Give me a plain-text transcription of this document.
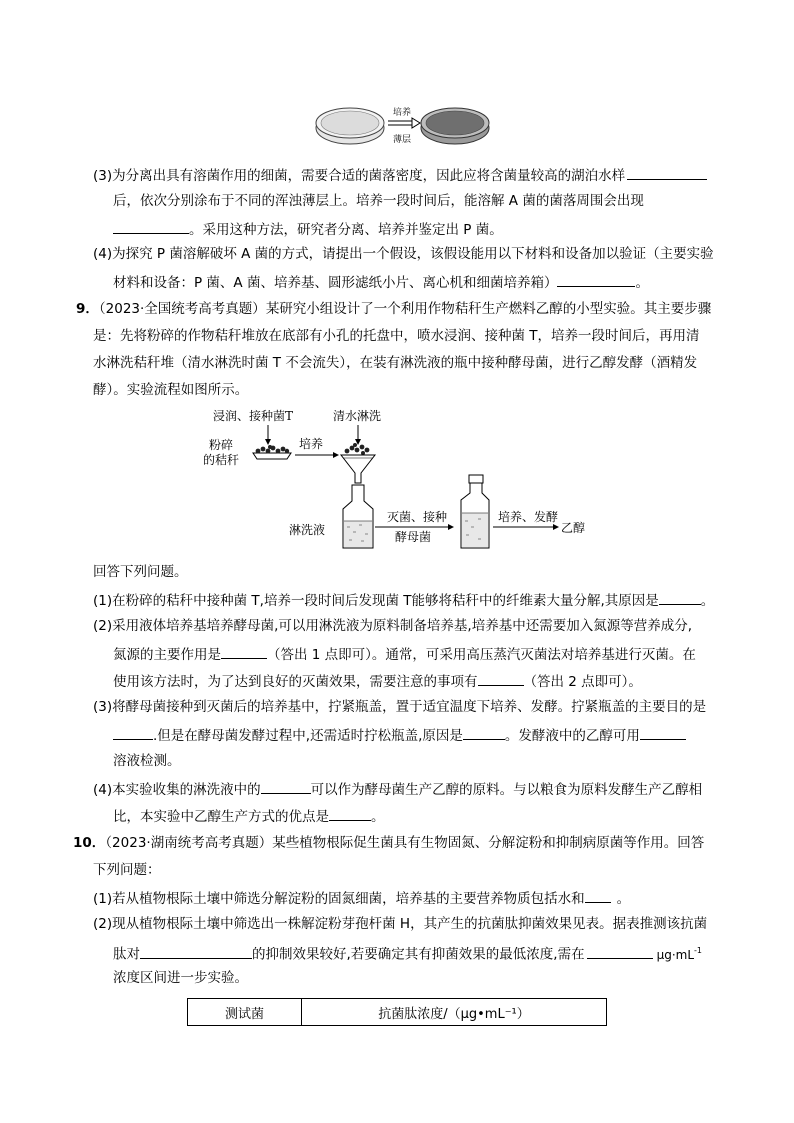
培养
薄层
(3)为分离出具有溶菌作用的细菌，需要合适的菌落密度，因此应将含菌量较高的湖泊水样
后，依次分别涂布于不同的浑浊薄层上。培养一段时间后，能溶解 A 菌的菌落周围会出现
。采用这种方法，研究者分离、培养并鉴定出 P 菌。
(4)为探究 P 菌溶解破坏 A 菌的方式，请提出一个假设，该假设能用以下材料和设备加以验证（主要实验
材料和设备：P 菌、A 菌、培养基、圆形滤纸小片、离心机和细菌培养箱）	。
9．（2023·全国统考高考真题）某研究小组设计了一个利用作物秸秆生产燃料乙醇的小型实验。其主要步骤
是：先将粉碎的作物秸秆堆放在底部有小孔的托盘中，喷水浸润、接种菌 T，培养一段时间后，再用清
水淋洗秸秆堆（清水淋洗时菌 T 不会流失），在装有淋洗液的瓶中接种酵母菌，进行乙醇发酵（酒精发
酵）。实验流程如图所示。
浸润、接种菌T	清水淋洗
粉碎
的秸秆
培养
淋洗液
灭菌、接种
酵母菌
培养、发酵
乙醇
回答下列问题。
(1)在粉碎的秸秆中接种菌 T,培养一段时间后发现菌 T能够将秸秆中的纤维素大量分解,其原因是	。
(2)采用液体培养基培养酵母菌,可以用淋洗液为原料制备培养基,培养基中还需要加入氮源等营养成分,
氮源的主要作用是	（答出 1 点即可）。通常，可采用高压蒸汽灭菌法对培养基进行灭菌。在
使用该方法时，为了达到良好的灭菌效果，需要注意的事项有	（答出 2 点即可）。
(3)将酵母菌接种到灭菌后的培养基中，拧紧瓶盖，置于适宜温度下培养、发酵。拧紧瓶盖的主要目的是
.但是在酵母菌发酵过程中,还需适时拧松瓶盖,原因是	。发酵液中的乙醇可用
溶液检测。
(4)本实验收集的淋洗液中的	可以作为酵母菌生产乙醇的原料。与以粮食为原料发酵生产乙醇相
比，本实验中乙醇生产方式的优点是	。
10．（2023·湖南统考高考真题）某些植物根际促生菌具有生物固氮、分解淀粉和抑制病原菌等作用。回答
下列问题：
(1)若从植物根际土壤中筛选分解淀粉的固氮细菌，培养基的主要营养物质包括水和 。
(2)现从植物根际土壤中筛选出一株解淀粉芽孢杆菌 H，其产生的抗菌肽抑菌效果见表。据表推测该抗菌
肽对	的抑制效果较好,若要确定其有抑菌效果的最低浓度,需在	$\mu g\cdot mL^{-1}$
浓度区间进一步实验。
测试菌	抗菌肽浓度/（μg•mL⁻¹）
